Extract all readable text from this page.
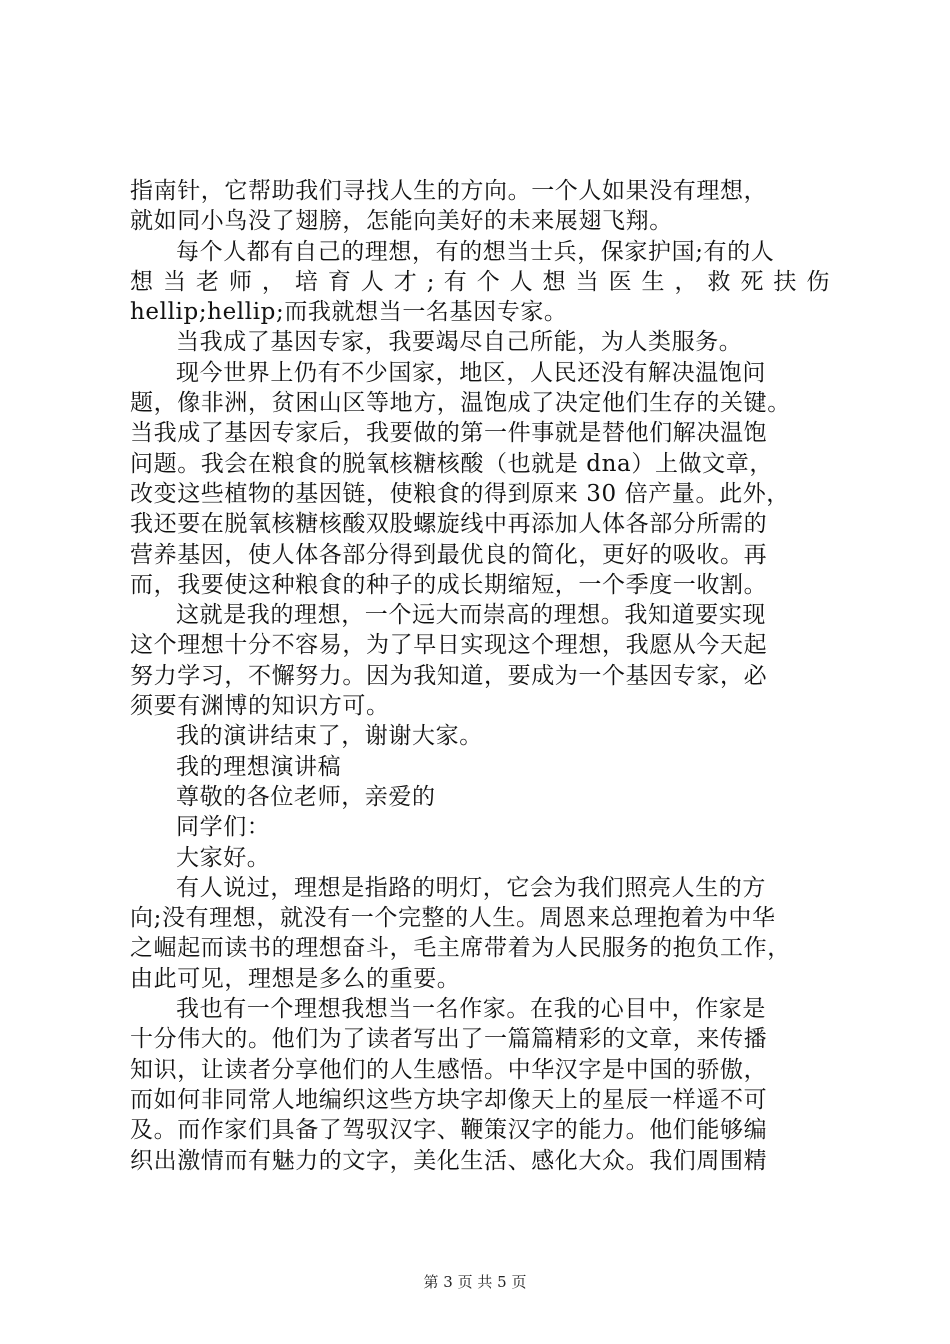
指南针，它帮助我们寻找人生的方向。一个人如果没有理想，
就如同小鸟没了翅膀，怎能向美好的未来展翅飞翔。
每个人都有自己的理想，有的想当士兵，保家护国;有的人
想 当 老 师 ， 培 育 人 才 ; 有 个 人 想 当 医 生 ， 救 死 扶 伤
hellip;hellip;而我就想当一名基因专家。
当我成了基因专家，我要竭尽自己所能，为人类服务。
现今世界上仍有不少国家，地区，人民还没有解决温饱问
题，像非洲，贫困山区等地方，温饱成了决定他们生存的关键。
当我成了基因专家后，我要做的第一件事就是替他们解决温饱
问题。我会在粮食的脱氧核糖核酸（也就是 dna）上做文章，
改变这些植物的基因链，使粮食的得到原来 30 倍产量。此外，
我还要在脱氧核糖核酸双股螺旋线中再添加人体各部分所需的
营养基因，使人体各部分得到最优良的简化，更好的吸收。再
而，我要使这种粮食的种子的成长期缩短，一个季度一收割。
这就是我的理想，一个远大而崇高的理想。我知道要实现
这个理想十分不容易，为了早日实现这个理想，我愿从今天起
努力学习，不懈努力。因为我知道，要成为一个基因专家，必
须要有渊博的知识方可。
我的演讲结束了，谢谢大家。
我的理想演讲稿
尊敬的各位老师，亲爱的
同学们：
大家好。
有人说过，理想是指路的明灯，它会为我们照亮人生的方
向;没有理想，就没有一个完整的人生。周恩来总理抱着为中华
之崛起而读书的理想奋斗，毛主席带着为人民服务的抱负工作，
由此可见，理想是多么的重要。
我也有一个理想我想当一名作家。在我的心目中，作家是
十分伟大的。他们为了读者写出了一篇篇精彩的文章，来传播
知识，让读者分享他们的人生感悟。中华汉字是中国的骄傲，
而如何非同常人地编织这些方块字却像天上的星辰一样遥不可
及。而作家们具备了驾驭汉字、鞭策汉字的能力。他们能够编
织出激情而有魅力的文字，美化生活、感化大众。我们周围精
第 3 页 共 5 页
